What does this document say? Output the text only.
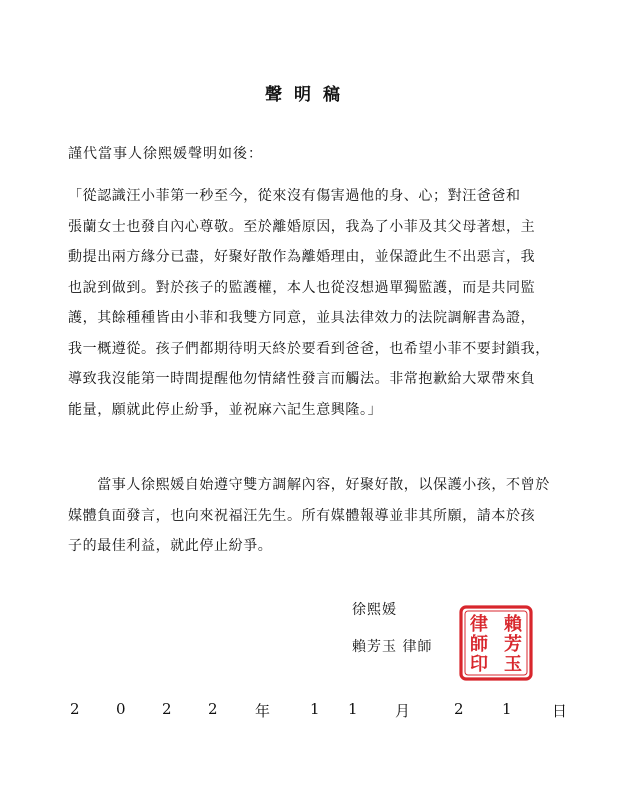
聲明稿
謹代當事人徐熙媛聲明如後：
「從認識汪小菲第一秒至今，從來沒有傷害過他的身、心；對汪爸爸和
張蘭女士也發自內心尊敬。至於離婚原因，我為了小菲及其父母著想，主
動提出兩方緣分已盡，好聚好散作為離婚理由，並保證此生不出惡言，我
也說到做到。對於孩子的監護權，本人也從沒想過單獨監護，而是共同監
護，其餘種種皆由小菲和我雙方同意，並具法律效力的法院調解書為證，
我一概遵從。孩子們都期待明天終於要看到爸爸，也希望小菲不要封鎖我，
導致我沒能第一時間提醒他勿情緒性發言而觸法。非常抱歉給大眾帶來負
能量，願就此停止紛爭，並祝麻六記生意興隆。」
　　當事人徐熙媛自始遵守雙方調解內容，好聚好散，以保護小孩，不曾於
媒體負面發言，也向來祝福汪先生。所有媒體報導並非其所願，請本於孩
子的最佳利益，就此停止紛爭。
徐熙媛
賴芳玉 律師
賴芳玉
律師印
2 0 2 2 年	1 1 月	2	1	日
